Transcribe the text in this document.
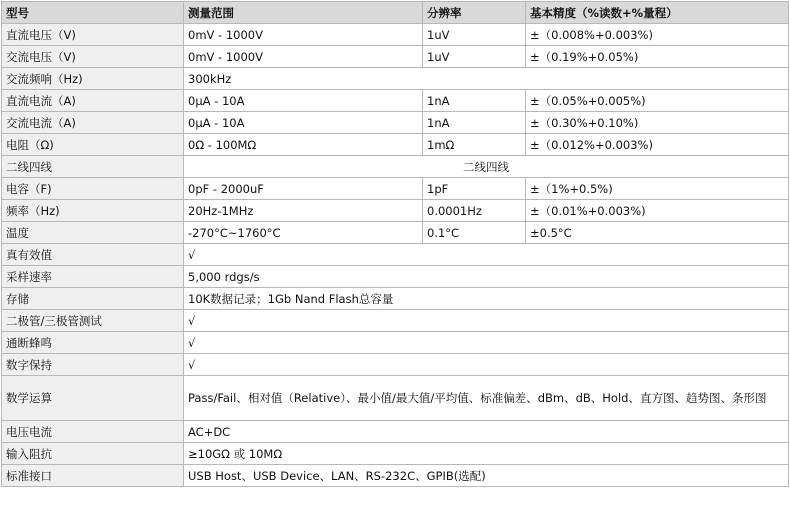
型号	测量范围	分辨率	基本精度（%读数+%量程）
直流电压（V)	0mV - 1000V	1uV	±（0.008%+0.003%)
交流电压（V)	0mV - 1000V	1uV	±（0.19%+0.05%)
交流频响（Hz)	300kHz		
直流电流（A)	0μA - 10A	1nA	±（0.05%+0.005%)
交流电流（A)	0μA - 10A	1nA	±（0.30%+0.10%)
电阻（Ω)	0Ω - 100MΩ	1mΩ	±（0.012%+0.003%)
二线四线	二线四线		
电容（F)	0pF - 2000uF	1pF	±（1%+0.5%)
频率（Hz)	20Hz-1MHz	0.0001Hz	±（0.01%+0.003%)
温度	-270°C~1760°C	0.1°C	±0.5°C
真有效值	√		
采样速率	5,000 rdgs/s		
存储	10K数据记录；1Gb Nand Flash总容量		
二极管/三极管测试	√		
通断蜂鸣	√		
数字保持	√		
数学运算	Pass/Fail、相对值（Relative）、最小值/最大值/平均值、标准偏差、dBm、dB、Hold、直方图、趋势图、条形图		
电压电流	AC+DC		
输入阻抗	≥10GΩ 或 10MΩ		
标准接口	USB Host、USB Device、LAN、RS-232C、GPIB(选配)		
